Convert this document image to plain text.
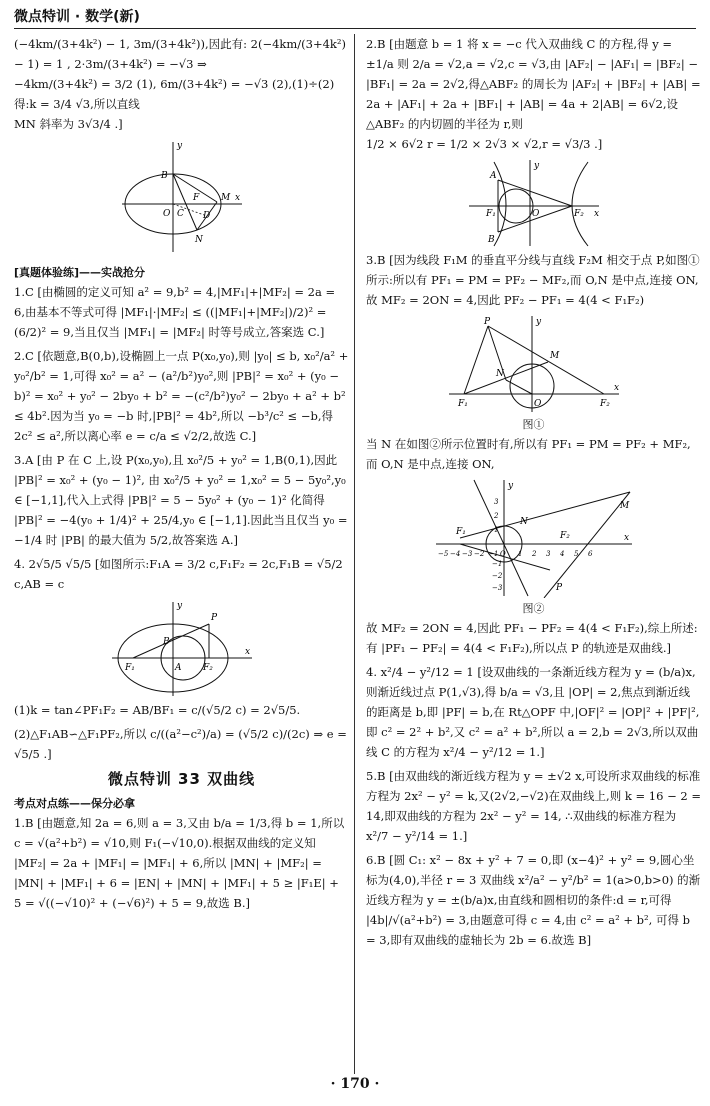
微点特训 · 数学(新)

(−4km/(3+4k²) − 1, 3m/(3+4k²)),因此有: 2(−4km/(3+4k²) − 1) = 1 , 2·3m/(3+4k²) = −√3 ⇒

−4km/(3+4k²) = 3/2 (1), 6m/(3+4k²) = −√3 (2),(1)÷(2)得:k = 3/4 √3,所以直线

MN 斜率为 3√3/4 .]

B
F M
O C D
N
x
y
[真题体验练]——实战抢分
1.C [由椭圆的定义可知 a² = 9,b² = 4,|MF₁|+|MF₂| = 2a = 6,由基本不等式可得 |MF₁|·|MF₂| ≤ ((|MF₁|+|MF₂|)/2)² = (6/2)² = 9,当且仅当 |MF₁| = |MF₂| 时等号成立,答案选 C.]
2.C [依题意,B(0,b),设椭圆上一点 P(x₀,y₀),则 |y₀| ≤ b, x₀²/a² + y₀²/b² = 1,可得 x₀² = a² − (a²/b²)y₀²,则 |PB|² = x₀² + (y₀ − b)² = x₀² + y₀² − 2by₀ + b² = −(c²/b²)y₀² − 2by₀ + a² + b² ≤ 4b².因为当 y₀ = −b 时,|PB|² = 4b²,所以 −b³/c² ≤ −b,得 2c² ≤ a²,所以离心率 e = c/a ≤ √2/2,故选 C.]
3.A [由 P 在 C 上,设 P(x₀,y₀),且 x₀²/5 + y₀² = 1,B(0,1),因此 |PB|² = x₀² + (y₀ − 1)², 由 x₀²/5 + y₀² = 1,x₀² = 5 − 5y₀²,y₀ ∈ [−1,1],代入上式得 |PB|² = 5 − 5y₀² + (y₀ − 1)² 化简得 |PB|² = −4(y₀ + 1/4)² + 25/4,y₀ ∈ [−1,1].因此当且仅当 y₀ = −1/4 时 |PB| 的最大值为 5/2,故答案选 A.]
4. 2√5/5 √5/5 [如图所示:F₁A = 3/2 c,F₁F₂ = 2c,F₁B = √5/2 c,AB = c
P
B
F₁	A F₂
x
y
(1)k = tan∠PF₁F₂ = AB/BF₁ = c/(√5/2 c) = 2√5/5.
(2)△F₁AB∽△F₁PF₂,所以 c/((a²−c²)/a) = (√5/2 c)/(2c) ⇒ e = √5/5 .]
微点特训 33 双曲线
考点对点练——保分必拿
1.B [由题意,知 2a = 6,则 a = 3,又由 b/a = 1/3,得 b = 1,所以 c = √(a²+b²) = √10,则 F₁(−√10,0).根据双曲线的定义知 |MF₂| = 2a + |MF₁| = |MF₁| + 6,所以 |MN| + |MF₂| = |MN| + |MF₁| + 6 = |EN| + |MN| + |MF₁| + 5 ≥ |F₁E| + 5 = √((−√10)² + (−√6)²) + 5 = 9,故选 B.]

2.B [由题意 b = 1 将 x = −c 代入双曲线 C 的方程,得 y = ±1/a 则 2/a = √2,a = √2,c = √3,由 |AF₂| − |AF₁| = |BF₂| − |BF₁| = 2a = 2√2,得△ABF₂ 的周长为 |AF₂| + |BF₂| + |AB| = 2a + |AF₁| + 2a + |BF₁| + |AB| = 4a + 2|AB| = 6√2,设△ABF₂ 的内切圆的半径为 r,则

1/2 × 6√2 r = 1/2 × 2√3 × √2,r = √3/3 .]

A
B
F₁	O	F₂ x
y
3.B [因为线段 F₁M 的垂直平分线与直线 F₂M 相交于点 P,如图①所示:所以有 PF₁ = PM = PF₂ − MF₂,而 O,N 是中点,连接 ON,故 MF₂ = 2ON = 4,因此 PF₂ − PF₁ = 4(4 < F₁F₂)
P
M
N
O
F₁	F₂
x
y
图①
当 N 在如图②所示位置时有,所以有 PF₁ = PM = PF₂ + MF₂,而 O,N 是中点,连接 ON,
−5 −4 −3 −2 −1 O 1 2 3 4 5 6
3
2
1
−1
−2
−3
F₁	F₂
N
M
P
y
x
图②
故 MF₂ = 2ON = 4,因此 PF₁ − PF₂ = 4(4 < F₁F₂),综上所述:有 |PF₁ − PF₂| = 4(4 < F₁F₂),所以点 P 的轨迹是双曲线.]
4. x²/4 − y²/12 = 1 [设双曲线的一条渐近线方程为 y = (b/a)x,则渐近线过点 P(1,√3),得 b/a = √3,且 |OP| = 2,焦点到渐近线的距离是 b,即 |PF| = b,在 Rt△OPF 中,|OF|² = |OP|² + |PF|²,即 c² = 2² + b²,又 c² = a² + b²,所以 a = 2,b = 2√3,所以双曲线 C 的方程为 x²/4 − y²/12 = 1.]
5.B [由双曲线的渐近线方程为 y = ±√2 x,可设所求双曲线的标准方程为 2x² − y² = k,又(2√2,−√2)在双曲线上,则 k = 16 − 2 = 14,即双曲线的方程为 2x² − y² = 14, ∴双曲线的标准方程为 x²/7 − y²/14 = 1.]
6.B [圆 C₁: x² − 8x + y² + 7 = 0,即 (x−4)² + y² = 9,圆心坐标为(4,0),半径 r = 3 双曲线 x²/a² − y²/b² = 1(a>0,b>0) 的渐近线方程为 y = ±(b/a)x,由直线和圆相切的条件:d = r,可得 |4b|/√(a²+b²) = 3,由题意可得 c = 4,由 c² = a² + b², 可得 b = 3,即有双曲线的虚轴长为 2b = 6.故选 B]
· 170 ·
